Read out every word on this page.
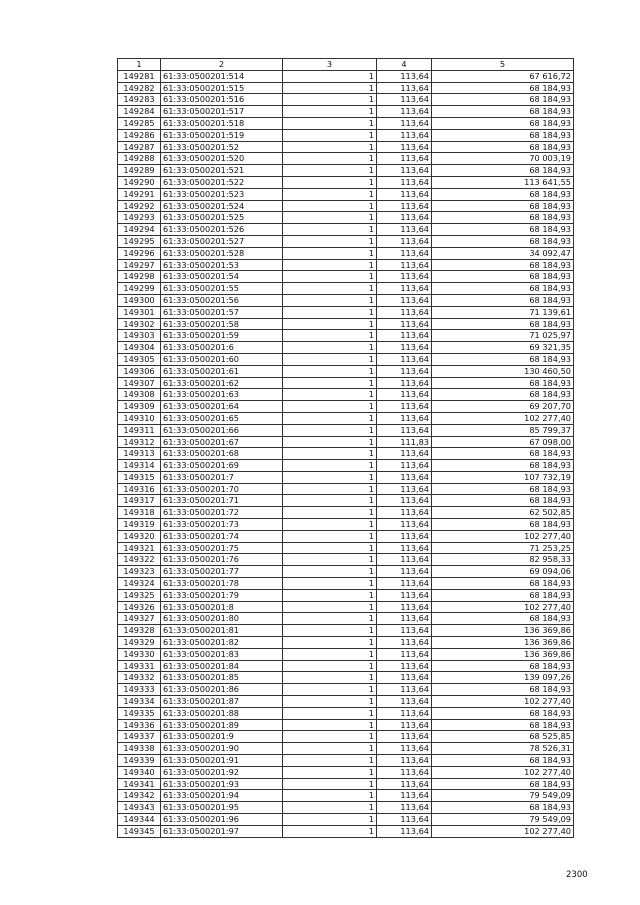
1	2	3	4	5
149281	61:33:0500201:514	1	113,64	67 616,72
149282	61:33:0500201:515	1	113,64	68 184,93
149283	61:33:0500201:516	1	113,64	68 184,93
149284	61:33:0500201:517	1	113,64	68 184,93
149285	61:33:0500201:518	1	113,64	68 184,93
149286	61:33:0500201:519	1	113,64	68 184,93
149287	61:33:0500201:52	1	113,64	68 184,93
149288	61:33:0500201:520	1	113,64	70 003,19
149289	61:33:0500201:521	1	113,64	68 184,93
149290	61:33:0500201:522	1	113,64	113 641,55
149291	61:33:0500201:523	1	113,64	68 184,93
149292	61:33:0500201:524	1	113,64	68 184,93
149293	61:33:0500201:525	1	113,64	68 184,93
149294	61:33:0500201:526	1	113,64	68 184,93
149295	61:33:0500201:527	1	113,64	68 184,93
149296	61:33:0500201:528	1	113,64	34 092,47
149297	61:33:0500201:53	1	113,64	68 184,93
149298	61:33:0500201:54	1	113,64	68 184,93
149299	61:33:0500201:55	1	113,64	68 184,93
149300	61:33:0500201:56	1	113,64	68 184,93
149301	61:33:0500201:57	1	113,64	71 139,61
149302	61:33:0500201:58	1	113,64	68 184,93
149303	61:33:0500201:59	1	113,64	71 025,97
149304	61:33:0500201:6	1	113,64	69 321,35
149305	61:33:0500201:60	1	113,64	68 184,93
149306	61:33:0500201:61	1	113,64	130 460,50
149307	61:33:0500201:62	1	113,64	68 184,93
149308	61:33:0500201:63	1	113,64	68 184,93
149309	61:33:0500201:64	1	113,64	69 207,70
149310	61:33:0500201:65	1	113,64	102 277,40
149311	61:33:0500201:66	1	113,64	85 799,37
149312	61:33:0500201:67	1	111,83	67 098,00
149313	61:33:0500201:68	1	113,64	68 184,93
149314	61:33:0500201:69	1	113,64	68 184,93
149315	61:33:0500201:7	1	113,64	107 732,19
149316	61:33:0500201:70	1	113,64	68 184,93
149317	61:33:0500201:71	1	113,64	68 184,93
149318	61:33:0500201:72	1	113,64	62 502,85
149319	61:33:0500201:73	1	113,64	68 184,93
149320	61:33:0500201:74	1	113,64	102 277,40
149321	61:33:0500201:75	1	113,64	71 253,25
149322	61:33:0500201:76	1	113,64	82 958,33
149323	61:33:0500201:77	1	113,64	69 094,06
149324	61:33:0500201:78	1	113,64	68 184,93
149325	61:33:0500201:79	1	113,64	68 184,93
149326	61:33:0500201:8	1	113,64	102 277,40
149327	61:33:0500201:80	1	113,64	68 184,93
149328	61:33:0500201:81	1	113,64	136 369,86
149329	61:33:0500201:82	1	113,64	136 369,86
149330	61:33:0500201:83	1	113,64	136 369,86
149331	61:33:0500201:84	1	113,64	68 184,93
149332	61:33:0500201:85	1	113,64	139 097,26
149333	61:33:0500201:86	1	113,64	68 184,93
149334	61:33:0500201:87	1	113,64	102 277,40
149335	61:33:0500201:88	1	113,64	68 184,93
149336	61:33:0500201:89	1	113,64	68 184,93
149337	61:33:0500201:9	1	113,64	68 525,85
149338	61:33:0500201:90	1	113,64	78 526,31
149339	61:33:0500201:91	1	113,64	68 184,93
149340	61:33:0500201:92	1	113,64	102 277,40
149341	61:33:0500201:93	1	113,64	68 184,93
149342	61:33:0500201:94	1	113,64	79 549,09
149343	61:33:0500201:95	1	113,64	68 184,93
149344	61:33:0500201:96	1	113,64	79 549,09
149345	61:33:0500201:97	1	113,64	102 277,40
2300
